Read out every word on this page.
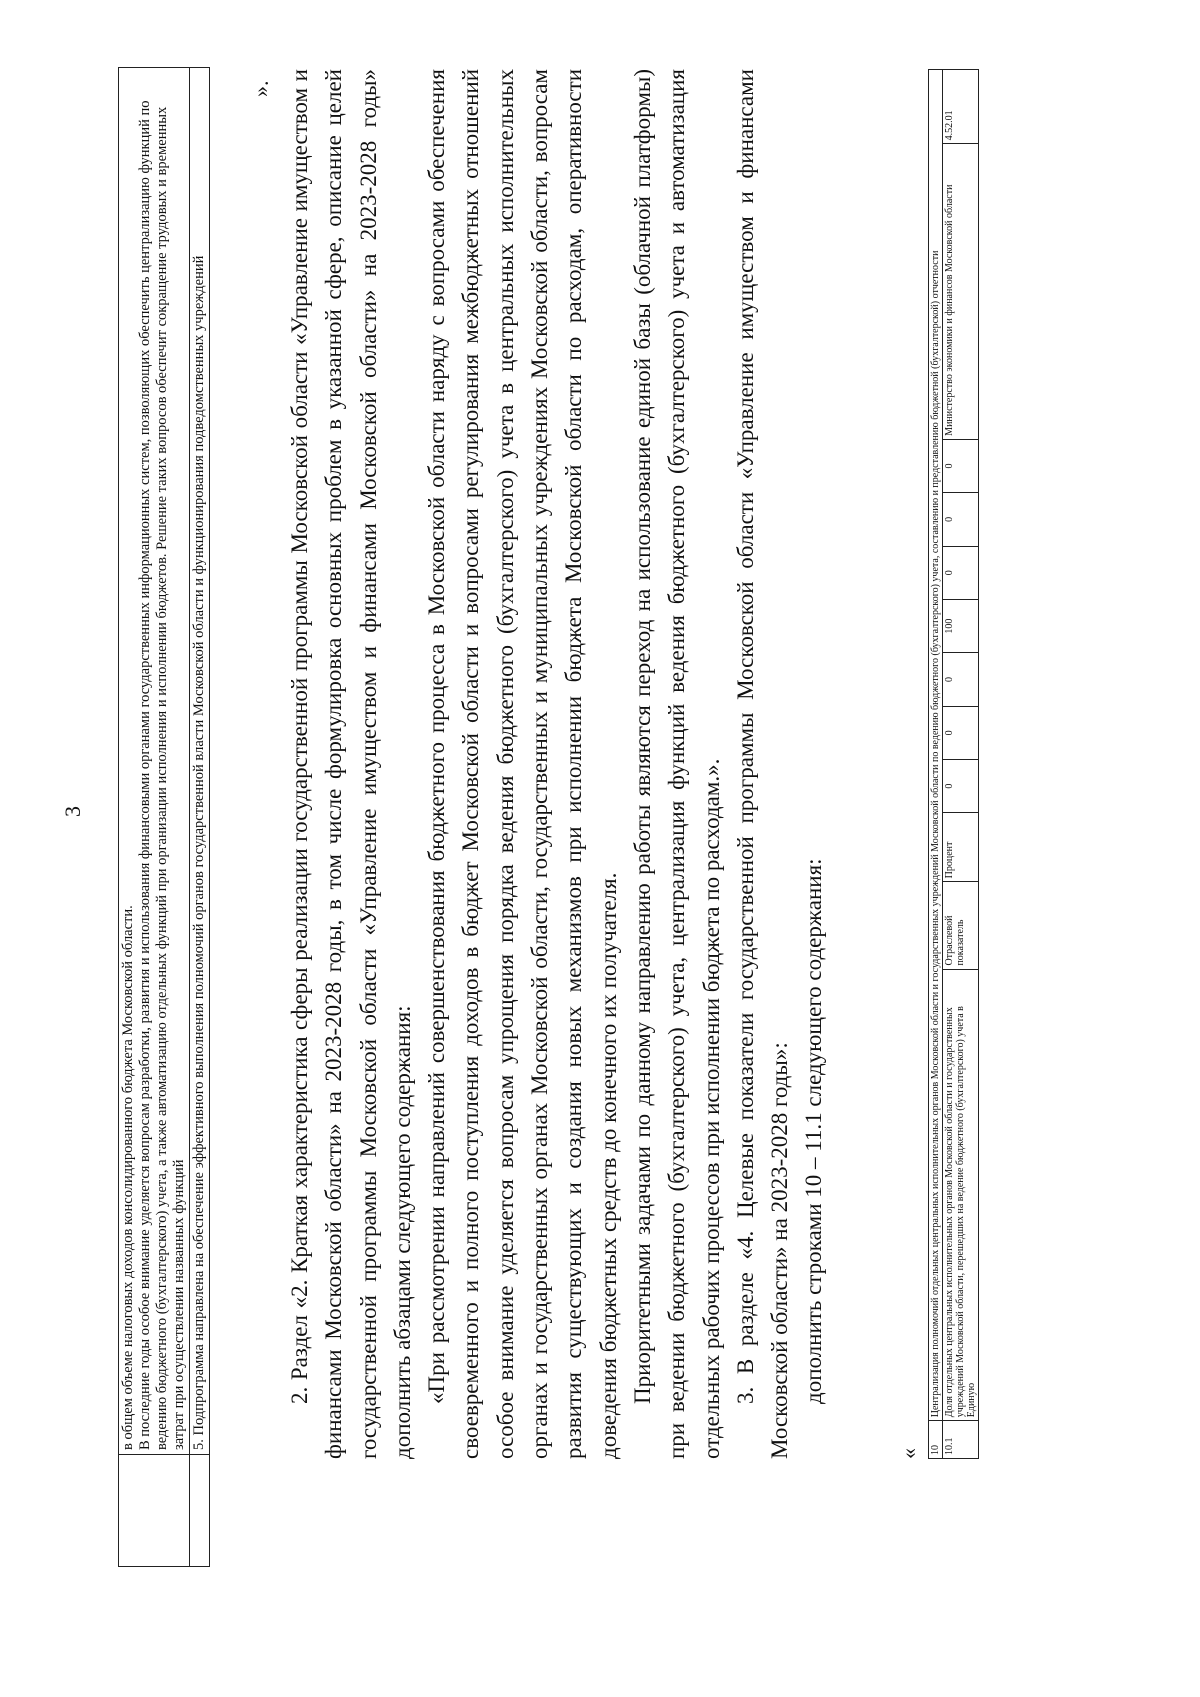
3

	в общем объеме налоговых доходов консолидированного бюджета Московской области. В последние годы особое внимание уделяется вопросам разработки, развития и использования финансовыми органами государственных информационных систем, позволяющих обеспечить централизацию функций по ведению бюджетного (бухгалтерского) учета, а также автоматизацию отдельных функций при организации исполнения и исполнении бюджетов. Решение таких вопросов обеспечит сокращение трудовых и временных затрат при осуществлении названных функций

	5. Подпрограмма направлена на обеспечение эффективного выполнения полномочий органов государственной власти Московской области и функционирования подведомственных учреждений

». 2. Раздел «2. Краткая характеристика сферы реализации государственной программы Московской области «Управление имуществом и финансами Московской области» на 2023-2028 годы, в том числе формулировка основных проблем в указанной сфере, описание целей государственной программы Московской области «Управление имуществом и финансами Московской области» на 2023-2028 годы» дополнить абзацами следующего содержания: «При рассмотрении направлений совершенствования бюджетного процесса в Московской области наряду с вопросами обеспечения своевременного и полного поступления доходов в бюджет Московской области и вопросами регулирования межбюджетных отношений особое внимание уделяется вопросам упрощения порядка ведения бюджетного (бухгалтерского) учета в центральных исполнительных органах и государственных органах Московской области, государственных и муниципальных учреждениях Московской области, вопросам развития существующих и создания новых механизмов при исполнении бюджета Московской области по расходам, оперативности доведения бюджетных средств до конечного их получателя. Приоритетными задачами по данному направлению работы являются переход на использование единой базы (облачной платформы) при ведении бюджетного (бухгалтерского) учета, централизация функций ведения бюджетного (бухгалтерского) учета и автоматизация отдельных рабочих процессов при исполнении бюджета по расходам.». 3. В разделе «4. Целевые показатели государственной программы Московской области «Управление имуществом и финансами Московской области» на 2023-2028 годы»: дополнить строками 10 – 11.1 следующего содержания:

« 10	Централизация полномочий отдельных центральных исполнительных органов Московской области и государственных учреждений Московской области по ведению бюджетного (бухгалтерского) учета, составлению и представлению бюджетной (бухгалтерской) отчетности											
10.1	Доля отдельных центральных исполнительных органов Московской области и государственных учреждений Московской области, перешедших на ведение бюджетного (бухгалтерского) учета в Единую	Отраслевой показатель	Процент	0	0	0	100	0	0	0	Министерство экономики и финансов Московской области	4.52.01
